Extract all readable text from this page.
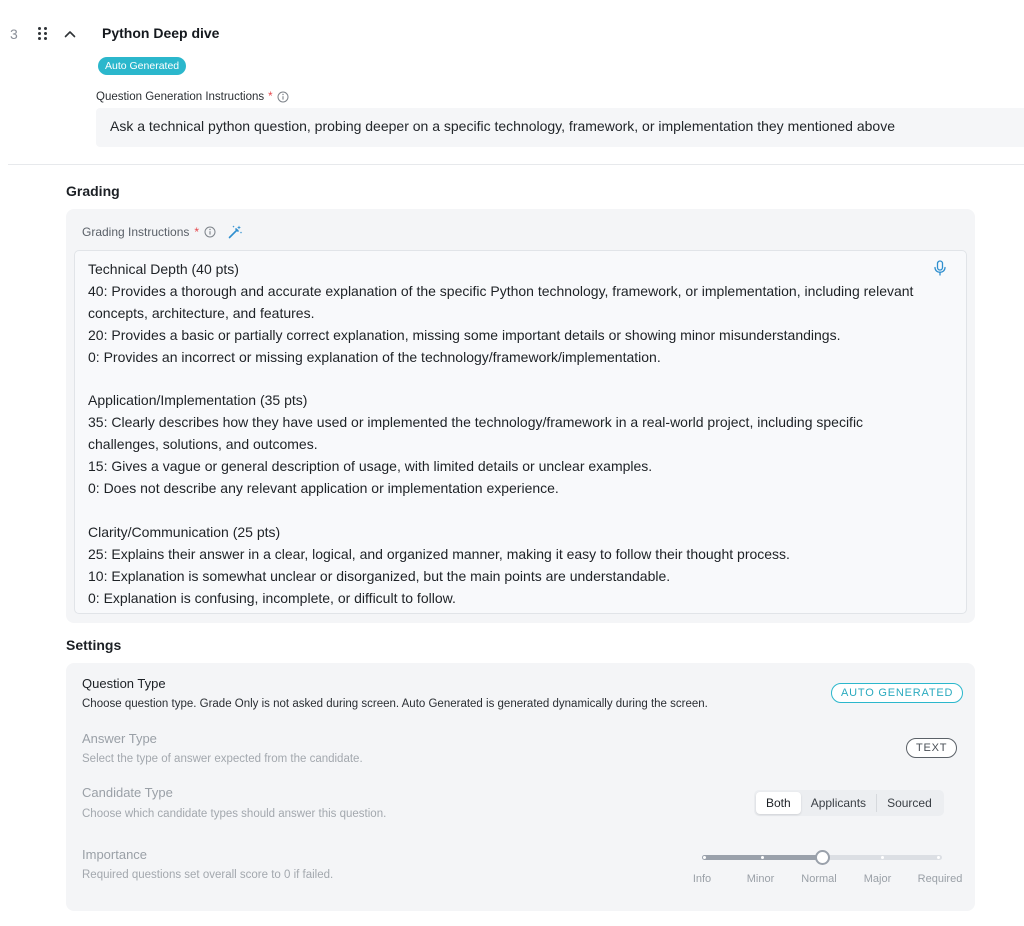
3	Python Deep dive
Auto Generated
Question Generation Instructions *
Ask a technical python question, probing deeper on a specific technology, framework, or implementation they mentioned above
Grading
Grading Instructions *
Technical Depth (40 pts)
40: Provides a thorough and accurate explanation of the specific Python technology, framework, or implementation, including relevant concepts, architecture, and features.
20: Provides a basic or partially correct explanation, missing some important details or showing minor misunderstandings.
0: Provides an incorrect or missing explanation of the technology/framework/implementation.

Application/Implementation (35 pts)
35: Clearly describes how they have used or implemented the technology/framework in a real-world project, including specific challenges, solutions, and outcomes.
15: Gives a vague or general description of usage, with limited details or unclear examples.
0: Does not describe any relevant application or implementation experience.

Clarity/Communication (25 pts)
25: Explains their answer in a clear, logical, and organized manner, making it easy to follow their thought process.
10: Explanation is somewhat unclear or disorganized, but the main points are understandable.
0: Explanation is confusing, incomplete, or difficult to follow.
Settings
Question Type
Choose question type. Grade Only is not asked during screen. Auto Generated is generated dynamically during the screen.
AUTO GENERATED
Answer Type
Select the type of answer expected from the candidate.
TEXT
Candidate Type
Choose which candidate types should answer this question.
Both	Applicants	Sourced
Importance
Required questions set overall score to 0 if failed.	Info	Minor Normal Major Required
